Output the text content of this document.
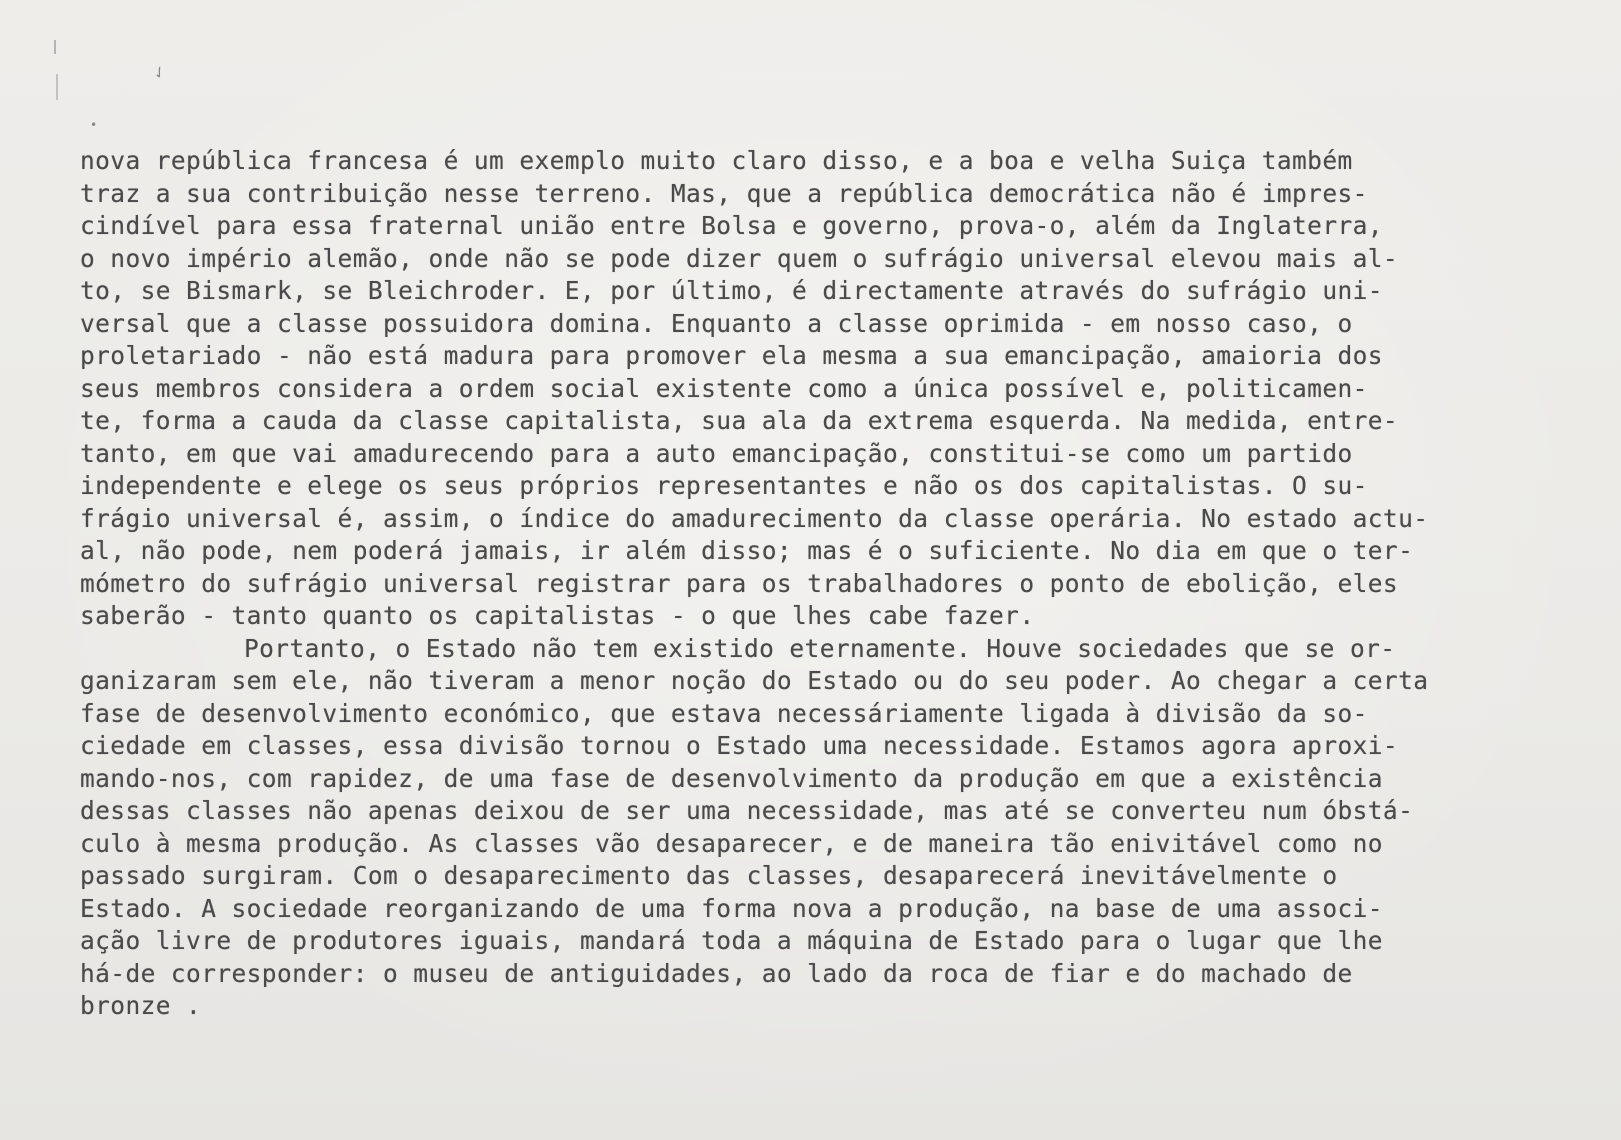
✓
•
nova república francesa é um exemplo muito claro disso, e a boa e velha Suiça também
traz a sua contribuição nesse terreno. Mas, que a república democrática não é impres-
cindível para essa fraternal união entre Bolsa e governo, prova-o, além da Inglaterra,
o novo império alemão, onde não se pode dizer quem o sufrágio universal elevou mais al-
to, se Bismark, se Bleichroder. E, por último, é directamente através do sufrágio uni-
versal que a classe possuidora domina. Enquanto a classe oprimida - em nosso caso, o
proletariado - não está madura para promover ela mesma a sua emancipação, amaioria dos
seus membros considera a ordem social existente como a única possível e, politicamen-
te, forma a cauda da classe capitalista, sua ala da extrema esquerda. Na medida, entre-
tanto, em que vai amadurecendo para a auto emancipação, constitui-se como um partido
independente e elege os seus próprios representantes e não os dos capitalistas. O su-
frágio universal é, assim, o índice do amadurecimento da classe operária. No estado actu-
al, não pode, nem poderá jamais, ir além disso; mas é o suficiente. No dia em que o ter-
mómetro do sufrágio universal registrar para os trabalhadores o ponto de ebolição, eles
saberão - tanto quanto os capitalistas - o que lhes cabe fazer.
Portanto, o Estado não tem existido eternamente. Houve sociedades que se or-
ganizaram sem ele, não tiveram a menor noção do Estado ou do seu poder. Ao chegar a certa
fase de desenvolvimento económico, que estava necessáriamente ligada à divisão da so-
ciedade em classes, essa divisão tornou o Estado uma necessidade. Estamos agora aproxi-
mando-nos, com rapidez, de uma fase de desenvolvimento da produção em que a existência
dessas classes não apenas deixou de ser uma necessidade, mas até se converteu num óbstá-
culo à mesma produção. As classes vão desaparecer, e de maneira tão enivitável como no
passado surgiram. Com o desaparecimento das classes, desaparecerá inevitávelmente o
Estado. A sociedade reorganizando de uma forma nova a produção, na base de uma associ-
ação livre de produtores iguais, mandará toda a máquina de Estado para o lugar que lhe
há-de corresponder: o museu de antiguidades, ao lado da roca de fiar e do machado de
bronze .
